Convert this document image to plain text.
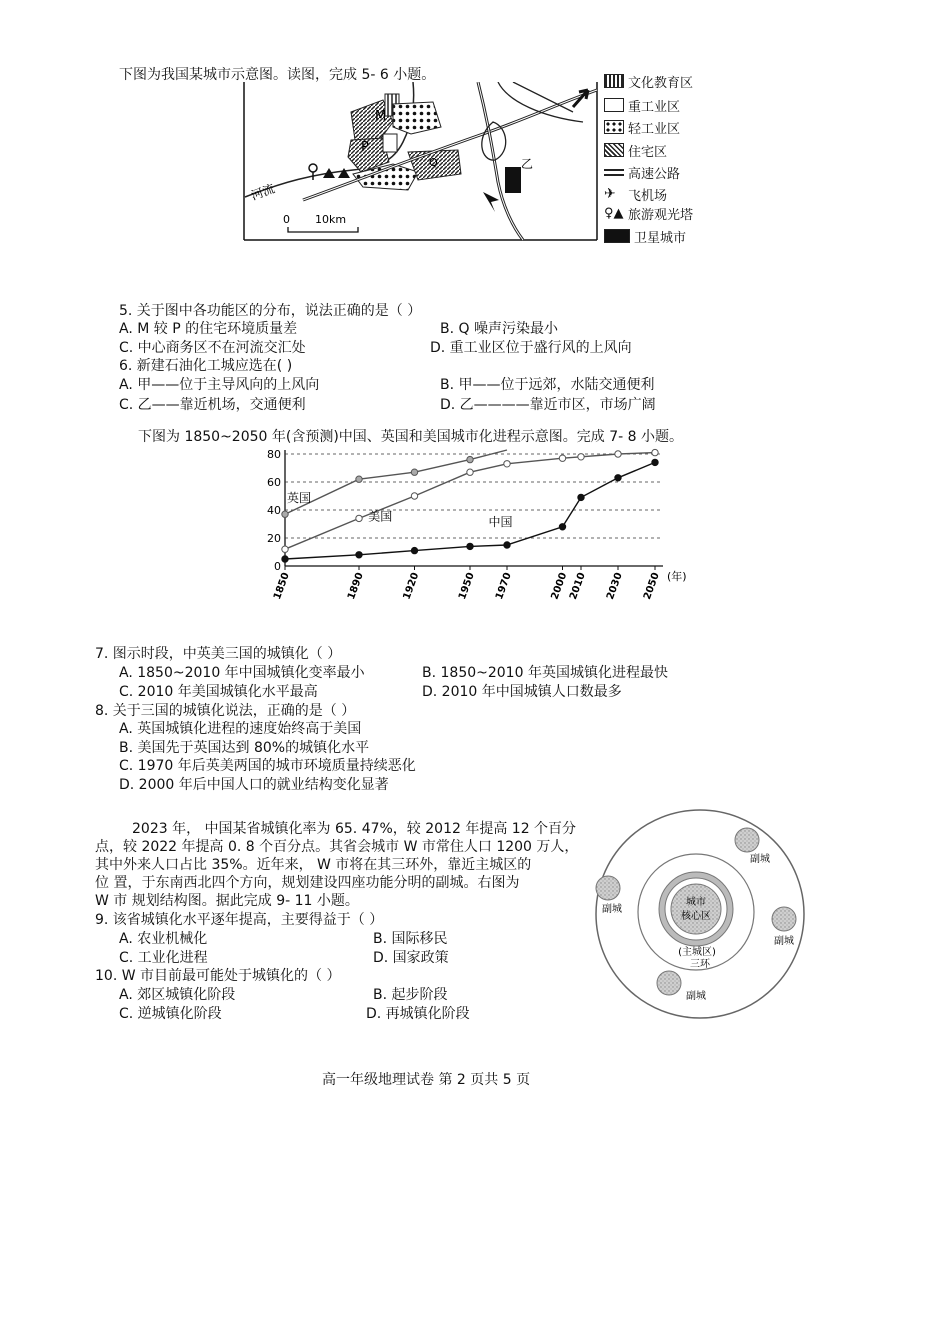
下图为我国某城市示意图。读图，完成 5- 6 小题。
M
P
Q	乙
河流
0 10km
文化教育区
重工业区
轻工业区
住宅区
高速公路
✈ 飞机场
♀▲ 旅游观光塔
卫星城市
5. 关于图中各功能区的分布，说法正确的是（ ）
A. M 较 P 的住宅环境质量差	B. Q 噪声污染最小
C. 中心商务区不在河流交汇处	D. 重工业区位于盛行风的上风向
6. 新建石油化工城应选在( )
A. 甲——位于主导风向的上风向	B. 甲——位于远郊，水陆交通便利
C. 乙——靠近机场，交通便利	D. 乙————靠近市区，市场广阔
下图为 1850~2050 年(含预测)中国、英国和美国城市化进程示意图。完成 7- 8 小题。
0
20
40
60
80
1850	1890	1920	1950 1970	2000
2010 2030 2050 (年)
英国
美国	中国
7. 图示时段，中英美三国的城镇化（ ）
A. 1850~2010 年中国城镇化变率最小	B. 1850~2010 年英国城镇化进程最快
C. 2010 年美国城镇化水平最高	D. 2010 年中国城镇人口数最多
8. 关于三国的城镇化说法，正确的是（ ）
A. 英国城镇化进程的速度始终高于美国
B. 美国先于英国达到 80%的城镇化水平
C. 1970 年后英美两国的城市环境质量持续恶化
D. 2000 年后中国人口的就业结构变化显著
2023 年， 中国某省城镇化率为 65. 47%，较 2012 年提高 12 个百分
点，较 2022 年提高 0. 8 个百分点。其省会城市 W 市常住人口 1200 万人，
其中外来人口占比 35%。近年来， W 市将在其三环外，靠近主城区的
位 置，于东南西北四个方向，规划建设四座功能分明的副城。右图为
W 市 规划结构图。据此完成 9- 11 小题。
9. 该省城镇化水平逐年提高，主要得益于（ ）
A. 农业机械化	B. 国际移民
C. 工业化进程	D. 国家政策
10. W 市目前最可能处于城镇化的（ ）
A. 郊区城镇化阶段	B. 起步阶段
C. 逆城镇化阶段	D. 再城镇化阶段
城市
核心区
(主城区)
三环
副城
副城
副城
副城
高一年级地理试卷 第 2 页共 5 页
